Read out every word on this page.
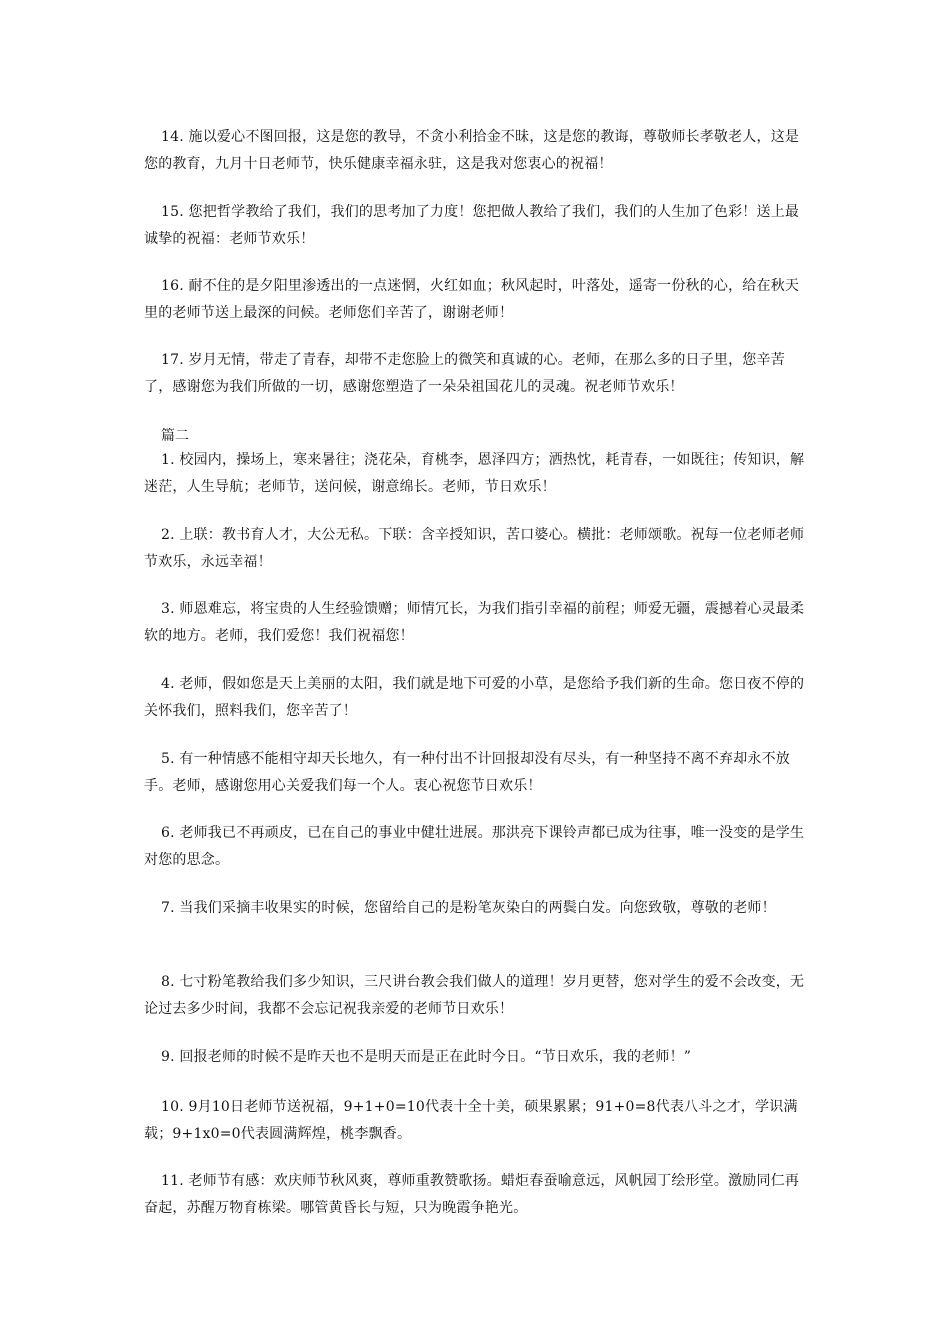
14. 施以爱心不图回报，这是您的教导，不贪小利拾金不昧，这是您的教诲，尊敬师长孝敬老人，这是您的教育，九月十日老师节，快乐健康幸福永驻，这是我对您衷心的祝福！

15. 您把哲学教给了我们，我们的思考加了力度！您把做人教给了我们，我们的人生加了色彩！送上最诚挚的祝福：老师节欢乐！

16. 耐不住的是夕阳里渗透出的一点迷惘，火红如血；秋风起时，叶落处，遥寄一份秋的心，给在秋天里的老师节送上最深的问候。老师您们辛苦了，谢谢老师！

17. 岁月无情，带走了青春，却带不走您脸上的微笑和真诚的心。老师，在那么多的日子里，您辛苦了，感谢您为我们所做的一切，感谢您塑造了一朵朵祖国花儿的灵魂。祝老师节欢乐！

篇二

1. 校园内，操场上，寒来暑往；浇花朵，育桃李，恩泽四方；洒热忱，耗青春，一如既往；传知识，解迷茫，人生导航；老师节，送问候，谢意绵长。老师，节日欢乐！

2. 上联：教书育人才，大公无私。下联：含辛授知识，苦口婆心。横批：老师颂歌。祝每一位老师老师节欢乐，永远幸福！

3. 师恩难忘，将宝贵的人生经验馈赠；师情冗长，为我们指引幸福的前程；师爱无疆，震撼着心灵最柔软的地方。老师，我们爱您！我们祝福您！

4. 老师，假如您是天上美丽的太阳，我们就是地下可爱的小草，是您给予我们新的生命。您日夜不停的关怀我们，照料我们，您辛苦了！

5. 有一种情感不能相守却天长地久，有一种付出不计回报却没有尽头，有一种坚持不离不弃却永不放手。老师，感谢您用心关爱我们每一个人。衷心祝您节日欢乐！

6. 老师我已不再顽皮，已在自己的事业中健壮进展。那洪亮下课铃声都已成为往事，唯一没变的是学生对您的思念。

7. 当我们采摘丰收果实的时候，您留给自己的是粉笔灰染白的两鬓白发。向您致敬，尊敬的老师！

8. 七寸粉笔教给我们多少知识，三尺讲台教会我们做人的道理！岁月更替，您对学生的爱不会改变，无论过去多少时间，我都不会忘记祝我亲爱的老师节日欢乐！

9. 回报老师的时候不是昨天也不是明天而是正在此时今日。“节日欢乐，我的老师！”

10. 9月10日老师节送祝福，9+1+0=10代表十全十美，硕果累累；91+0=8代表八斗之才，学识满载；9+1x0=0代表圆满辉煌，桃李飘香。

11. 老师节有感：欢庆师节秋风爽，尊师重教赞歌扬。蜡炬春蚕喻意远，风帆园丁绘形堂。激励同仁再奋起，苏醒万物育栋梁。哪管黄昏长与短，只为晚霞争艳光。
